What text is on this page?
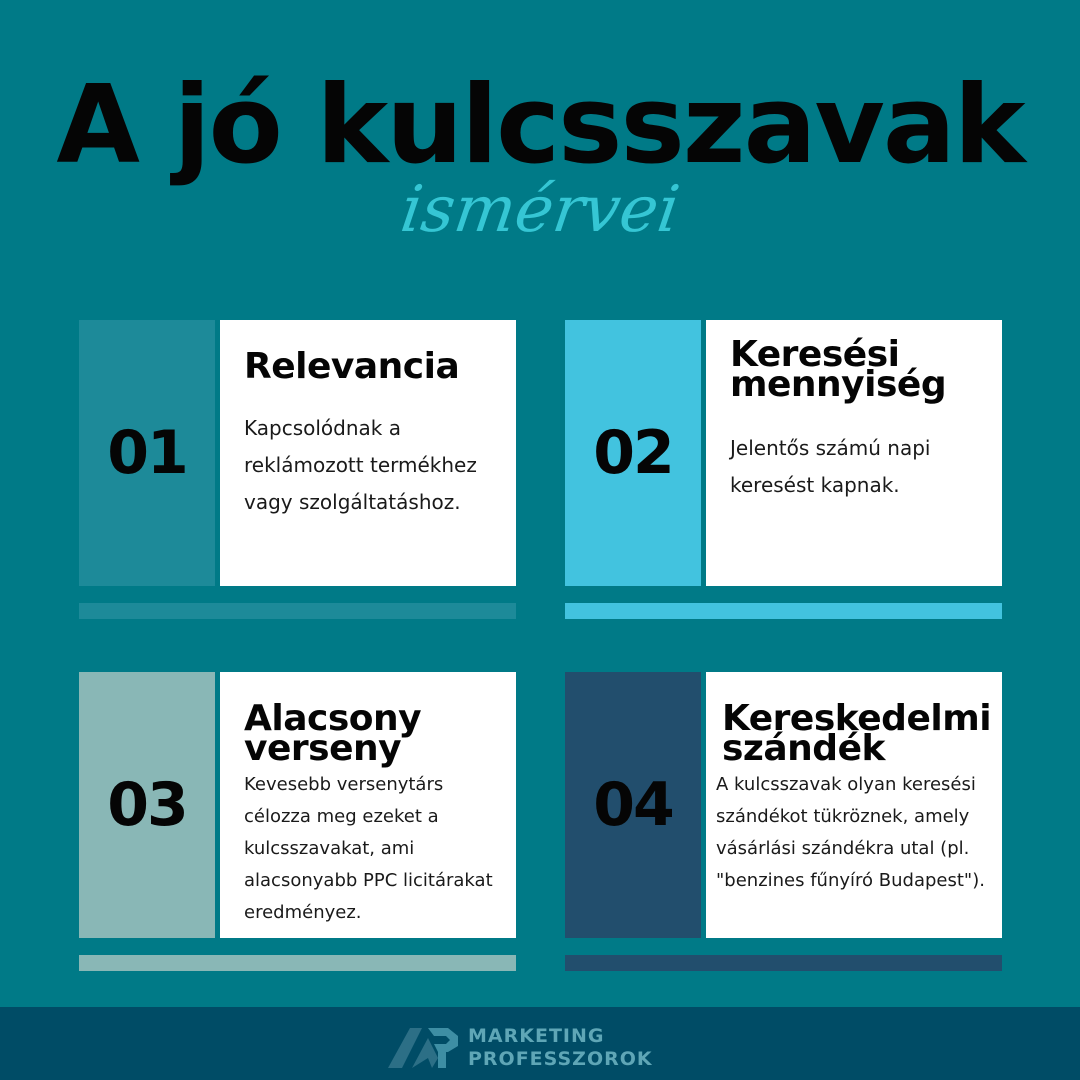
A jó kulcsszavak
ismérvei
01
Relevancia
Kapcsolódnak a reklámozott termékhez vagy szolgáltatáshoz.
02
Keresési mennyiség
Jelentős számú napi keresést kapnak.
03
Alacsony verseny
Kevesebb versenytárs célozza meg ezeket a kulcsszavakat, ami alacsonyabb PPC licitárakat eredményez.
04
Kereskedelmi szándék
A kulcsszavak olyan keresési szándékot tükröznek, amely vásárlási szándékra utal (pl. "benzines fűnyíró Budapest").
MARKETING
PROFESSZOROK
